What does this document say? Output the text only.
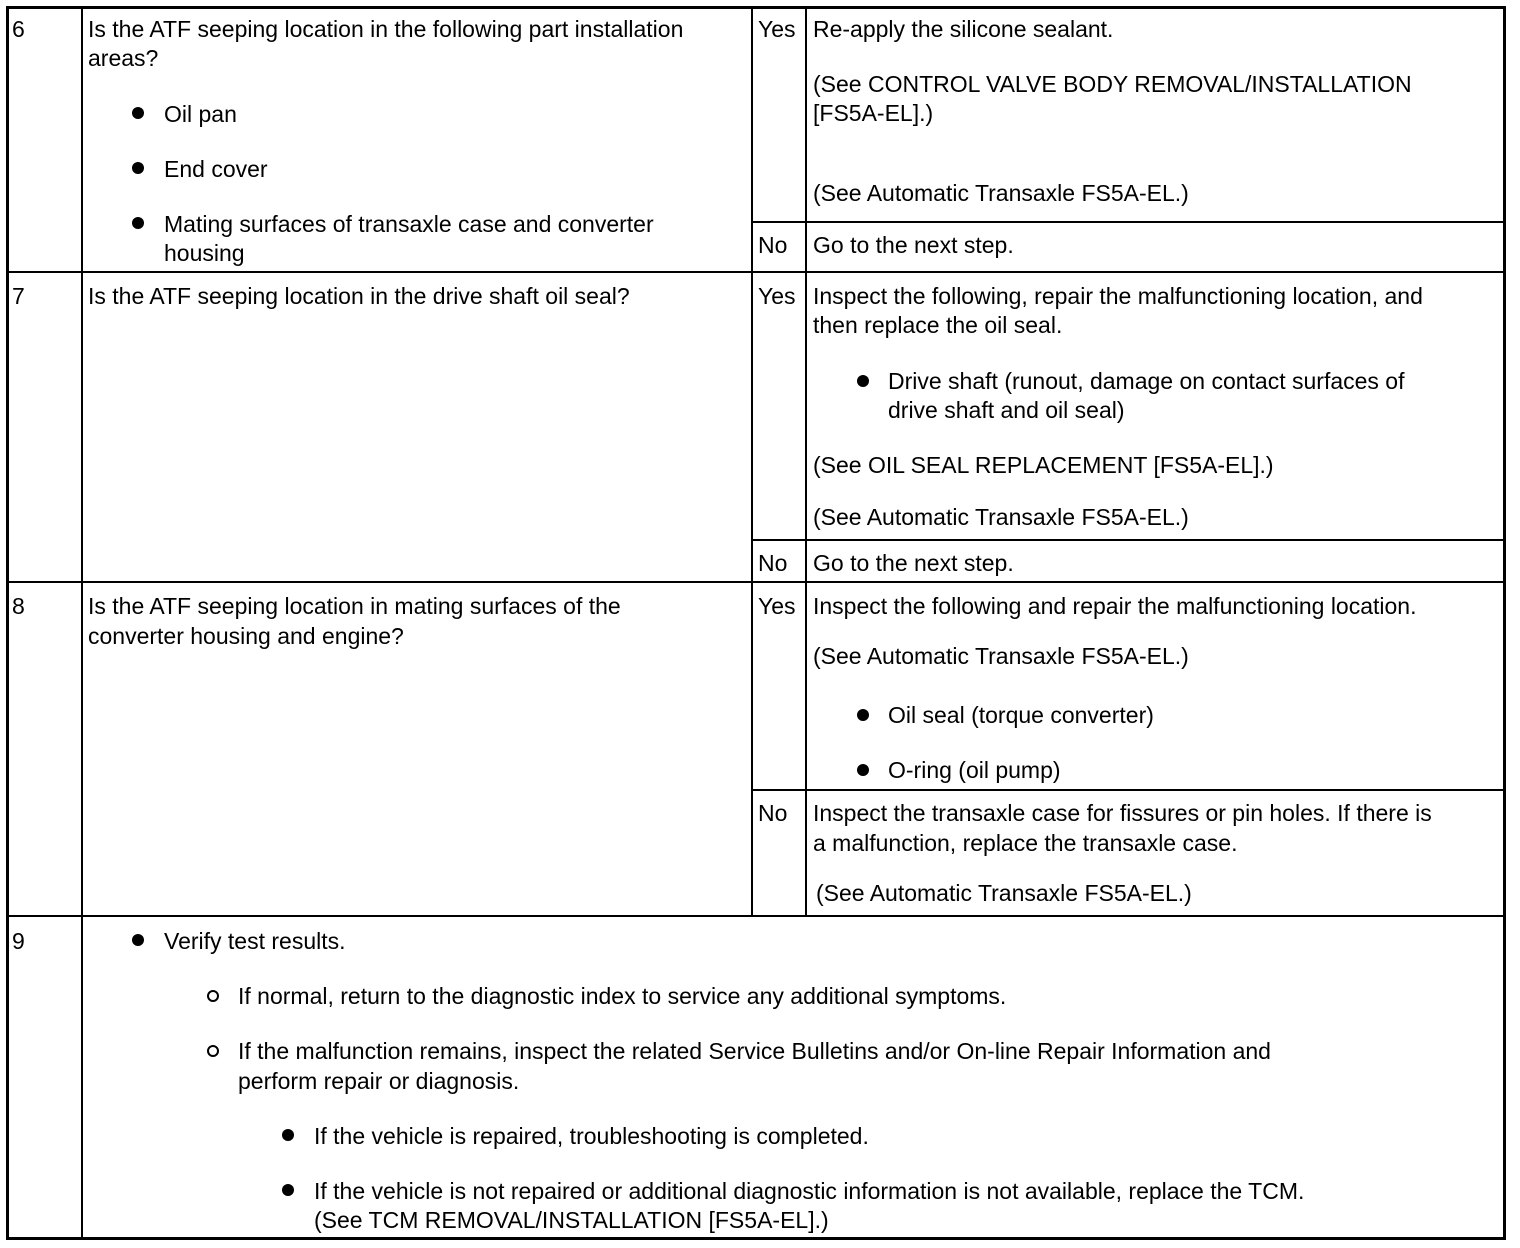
6	Is the ATF seeping location in the following part installation
areas?
Oil pan
End cover
Mating surfaces of transaxle case and converter
housing
Yes Re-apply the silicone sealant.
(See CONTROL VALVE BODY REMOVAL/INSTALLATION
[FS5A-EL].)
(See Automatic Transaxle FS5A-EL.)
No Go to the next step.
7	Is the ATF seeping location in the drive shaft oil seal?	Yes Inspect the following, repair the malfunctioning location, and
then replace the oil seal.
Drive shaft (runout, damage on contact surfaces of
drive shaft and oil seal)
(See OIL SEAL REPLACEMENT [FS5A-EL].)
(See Automatic Transaxle FS5A-EL.)
No Go to the next step.
8	Is the ATF seeping location in mating surfaces of the
converter housing and engine?
Yes Inspect the following and repair the malfunctioning location.
(See Automatic Transaxle FS5A-EL.)
Oil seal (torque converter)
O-ring (oil pump)
No Inspect the transaxle case for fissures or pin holes. If there is
a malfunction, replace the transaxle case.
(See Automatic Transaxle FS5A-EL.)
9	Verify test results.
If normal, return to the diagnostic index to service any additional symptoms.
If the malfunction remains, inspect the related Service Bulletins and/or On-line Repair Information and
perform repair or diagnosis.
If the vehicle is repaired, troubleshooting is completed.
If the vehicle is not repaired or additional diagnostic information is not available, replace the TCM.
(See TCM REMOVAL/INSTALLATION [FS5A-EL].)
